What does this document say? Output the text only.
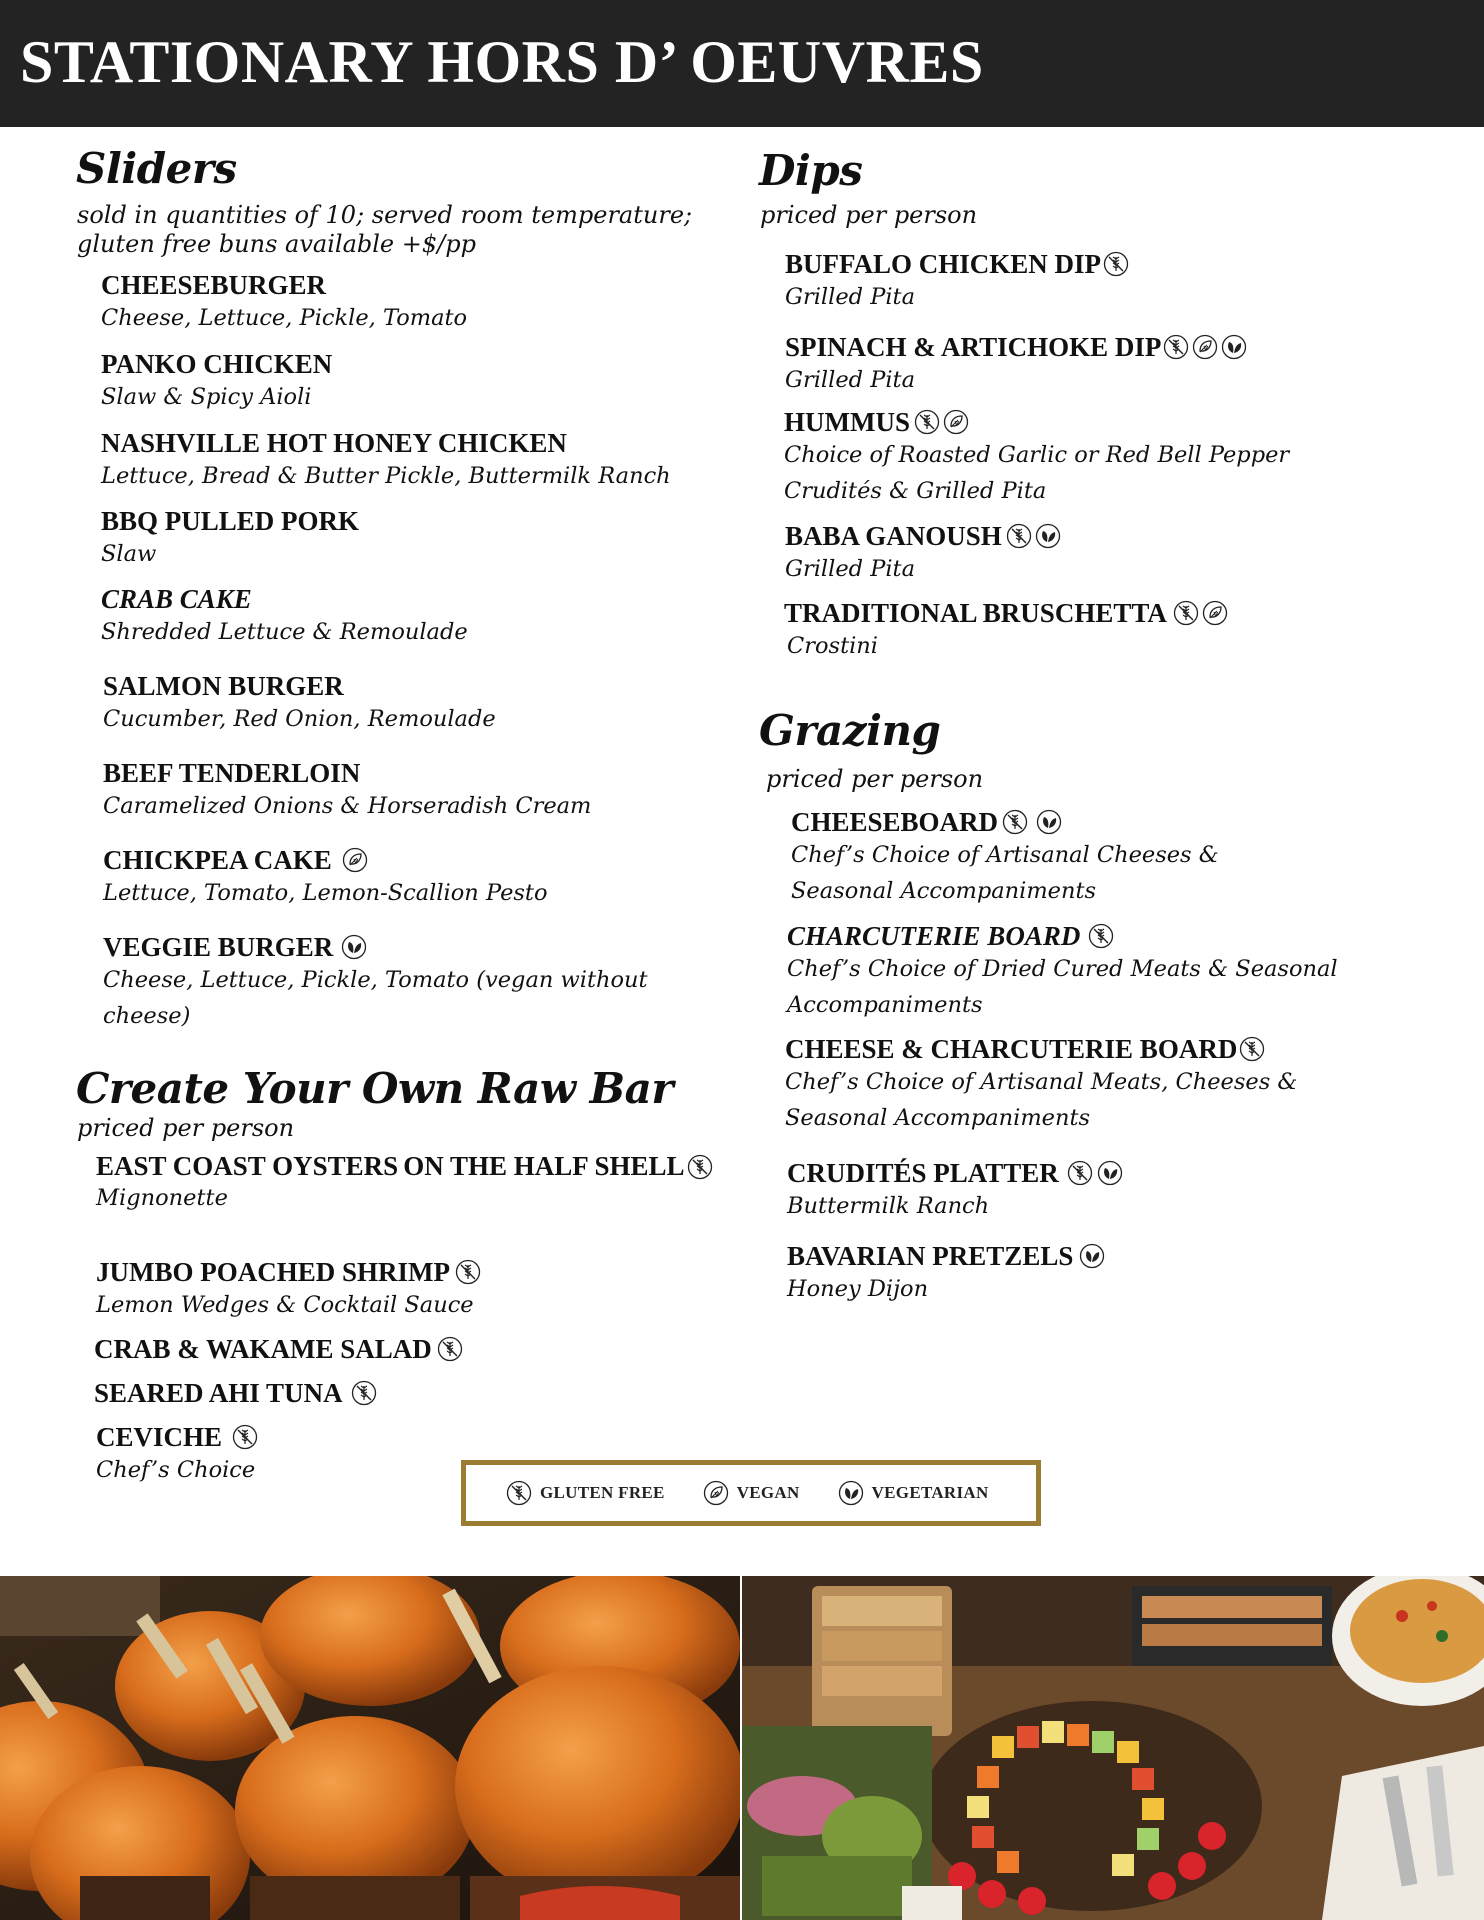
STATIONARY HORS D’ OEUVRES
Sliders
sold in quantities of 10; served room temperature;
gluten free buns available +$/pp
CHEESEBURGER
Cheese, Lettuce, Pickle, Tomato
PANKO CHICKEN
Slaw & Spicy Aioli
NASHVILLE HOT HONEY CHICKEN
Lettuce, Bread & Butter Pickle, Buttermilk Ranch
BBQ PULLED PORK
Slaw
CRAB CAKE
Shredded Lettuce & Remoulade
SALMON BURGER
Cucumber, Red Onion, Remoulade
BEEF TENDERLOIN
Caramelized Onions & Horseradish Cream
CHICKPEA CAKE
Lettuce, Tomato, Lemon-Scallion Pesto
VEGGIE BURGER
Cheese, Lettuce, Pickle, Tomato (vegan without
cheese)
Create Your Own Raw Bar
priced per person
EAST COAST OYSTERS
ON THE HALF SHELL
Mignonette
JUMBO POACHED SHRIMP
Lemon Wedges & Cocktail Sauce
CRAB & WAKAME SALAD
SEARED AHI TUNA
CEVICHE
Chef’s Choice
Dips
priced per person
BUFFALO CHICKEN DIP
Grilled Pita
SPINACH & ARTICHOKE DIP
Grilled Pita
HUMMUS
Choice of Roasted Garlic or Red Bell Pepper
Crudités & Grilled Pita
BABA GANOUSH
Grilled Pita
TRADITIONAL BRUSCHETTA
Crostini
Grazing
priced per person
CHEESEBOARD
Chef’s Choice of Artisanal Cheeses &
Seasonal Accompaniments
CHARCUTERIE BOARD
Chef’s Choice of Dried Cured Meats & Seasonal
Accompaniments
CHEESE & CHARCUTERIE BOARD
Chef’s Choice of Artisanal Meats, Cheeses &
Seasonal Accompaniments
CRUDITÉS PLATTER
Buttermilk Ranch
BAVARIAN PRETZELS
Honey Dijon
GLUTEN FREE	VEGAN	VEGETARIAN
